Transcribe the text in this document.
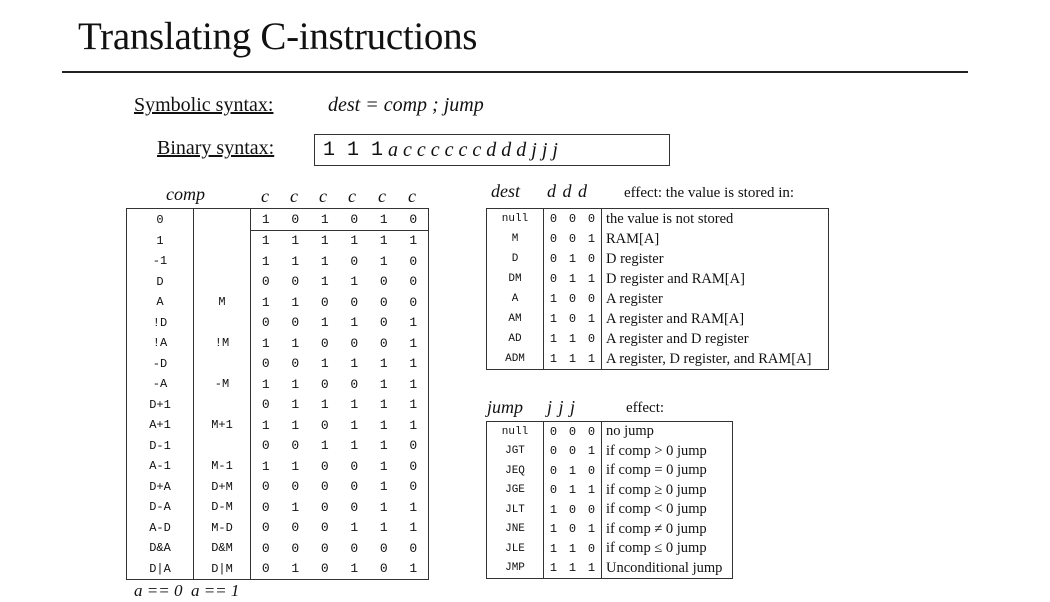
Translating C-instructions
Symbolic syntax:	dest = comp ; jump
Binary syntax: 1 1 1
a c c c c c c d d d j j j
comp	c c c c c c
0		1	0	1	0	1	0
1		1	1	1	1	1	1
-1		1	1	1	0	1	0
D		0	0	1	1	0	0
A	M	1	1	0	0	0	0
!D		0	0	1	1	0	1
!A	!M	1	1	0	0	0	1
-D		0	0	1	1	1	1
-A	-M	1	1	0	0	1	1
D+1		0	1	1	1	1	1
A+1	M+1	1	1	0	1	1	1
D-1		0	0	1	1	1	0
A-1	M-1	1	1	0	0	1	0
D+A	D+M	0	0	0	0	1	0
D-A	D-M	0	1	0	0	1	1
A-D	M-D	0	0	0	1	1	1
D&A	D&M	0	0	0	0	0	0
D|A	D|M	0	1	0	1	0	1
a == 0 a == 1
dest d d d effect: the value is stored in:
null	0	0	0	the value is not stored
M	0	0	1	RAM[A]
D	0	1	0	D register
DM	0	1	1	D register and RAM[A]
A	1	0	0	A register
AM	1	0	1	A register and RAM[A]
AD	1	1	0	A register and D register
ADM	1	1	1	A register, D register, and RAM[A]
jump j j j	effect:
null	0	0	0	no jump
JGT	0	0	1	if comp > 0 jump
JEQ	0	1	0	if comp = 0 jump
JGE	0	1	1	if comp ≥ 0 jump
JLT	1	0	0	if comp < 0 jump
JNE	1	0	1	if comp ≠ 0 jump
JLE	1	1	0	if comp ≤ 0 jump
JMP	1	1	1	Unconditional jump
